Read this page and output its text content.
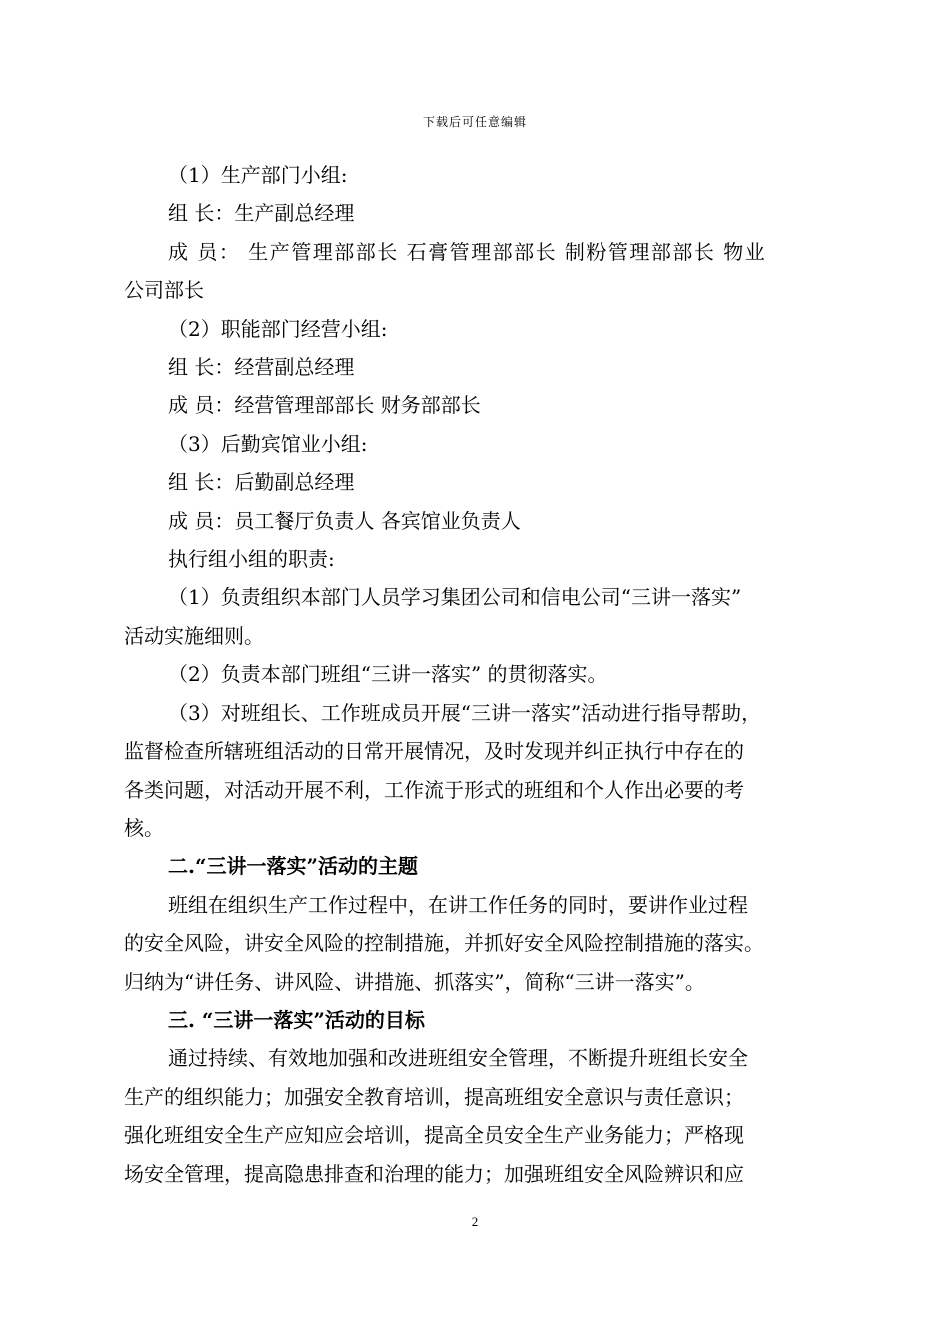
下载后可任意编辑

（1）生产部门小组:

组 长：生产副总经理

成 员： 生产管理部部长 石膏管理部部长 制粉管理部部长 物业

公司部长

（2）职能部门经营小组:

组 长：经营副总经理

成 员：经营管理部部长 财务部部长

（3）后勤宾馆业小组:

组 长：后勤副总经理

成 员：员工餐厅负责人 各宾馆业负责人

执行组小组的职责:

（1）负责组织本部门人员学习集团公司和信电公司“三讲一落实”

活动实施细则。

（2）负责本部门班组“三讲一落实” 的贯彻落实。

（3）对班组长、工作班成员开展“三讲一落实”活动进行指导帮助，

监督检查所辖班组活动的日常开展情况，及时发现并纠正执行中存在的

各类问题，对活动开展不利，工作流于形式的班组和个人作出必要的考

核。

二.“三讲一落实”活动的主题

班组在组织生产工作过程中，在讲工作任务的同时，要讲作业过程

的安全风险，讲安全风险的控制措施，并抓好安全风险控制措施的落实。

归纳为“讲任务、讲风险、讲措施、抓落实”，简称“三讲一落实”。

三. “三讲一落实”活动的目标

通过持续、有效地加强和改进班组安全管理，不断提升班组长安全

生产的组织能力；加强安全教育培训，提高班组安全意识与责任意识；

强化班组安全生产应知应会培训，提高全员安全生产业务能力；严格现

场安全管理，提高隐患排查和治理的能力；加强班组安全风险辨识和应

2
